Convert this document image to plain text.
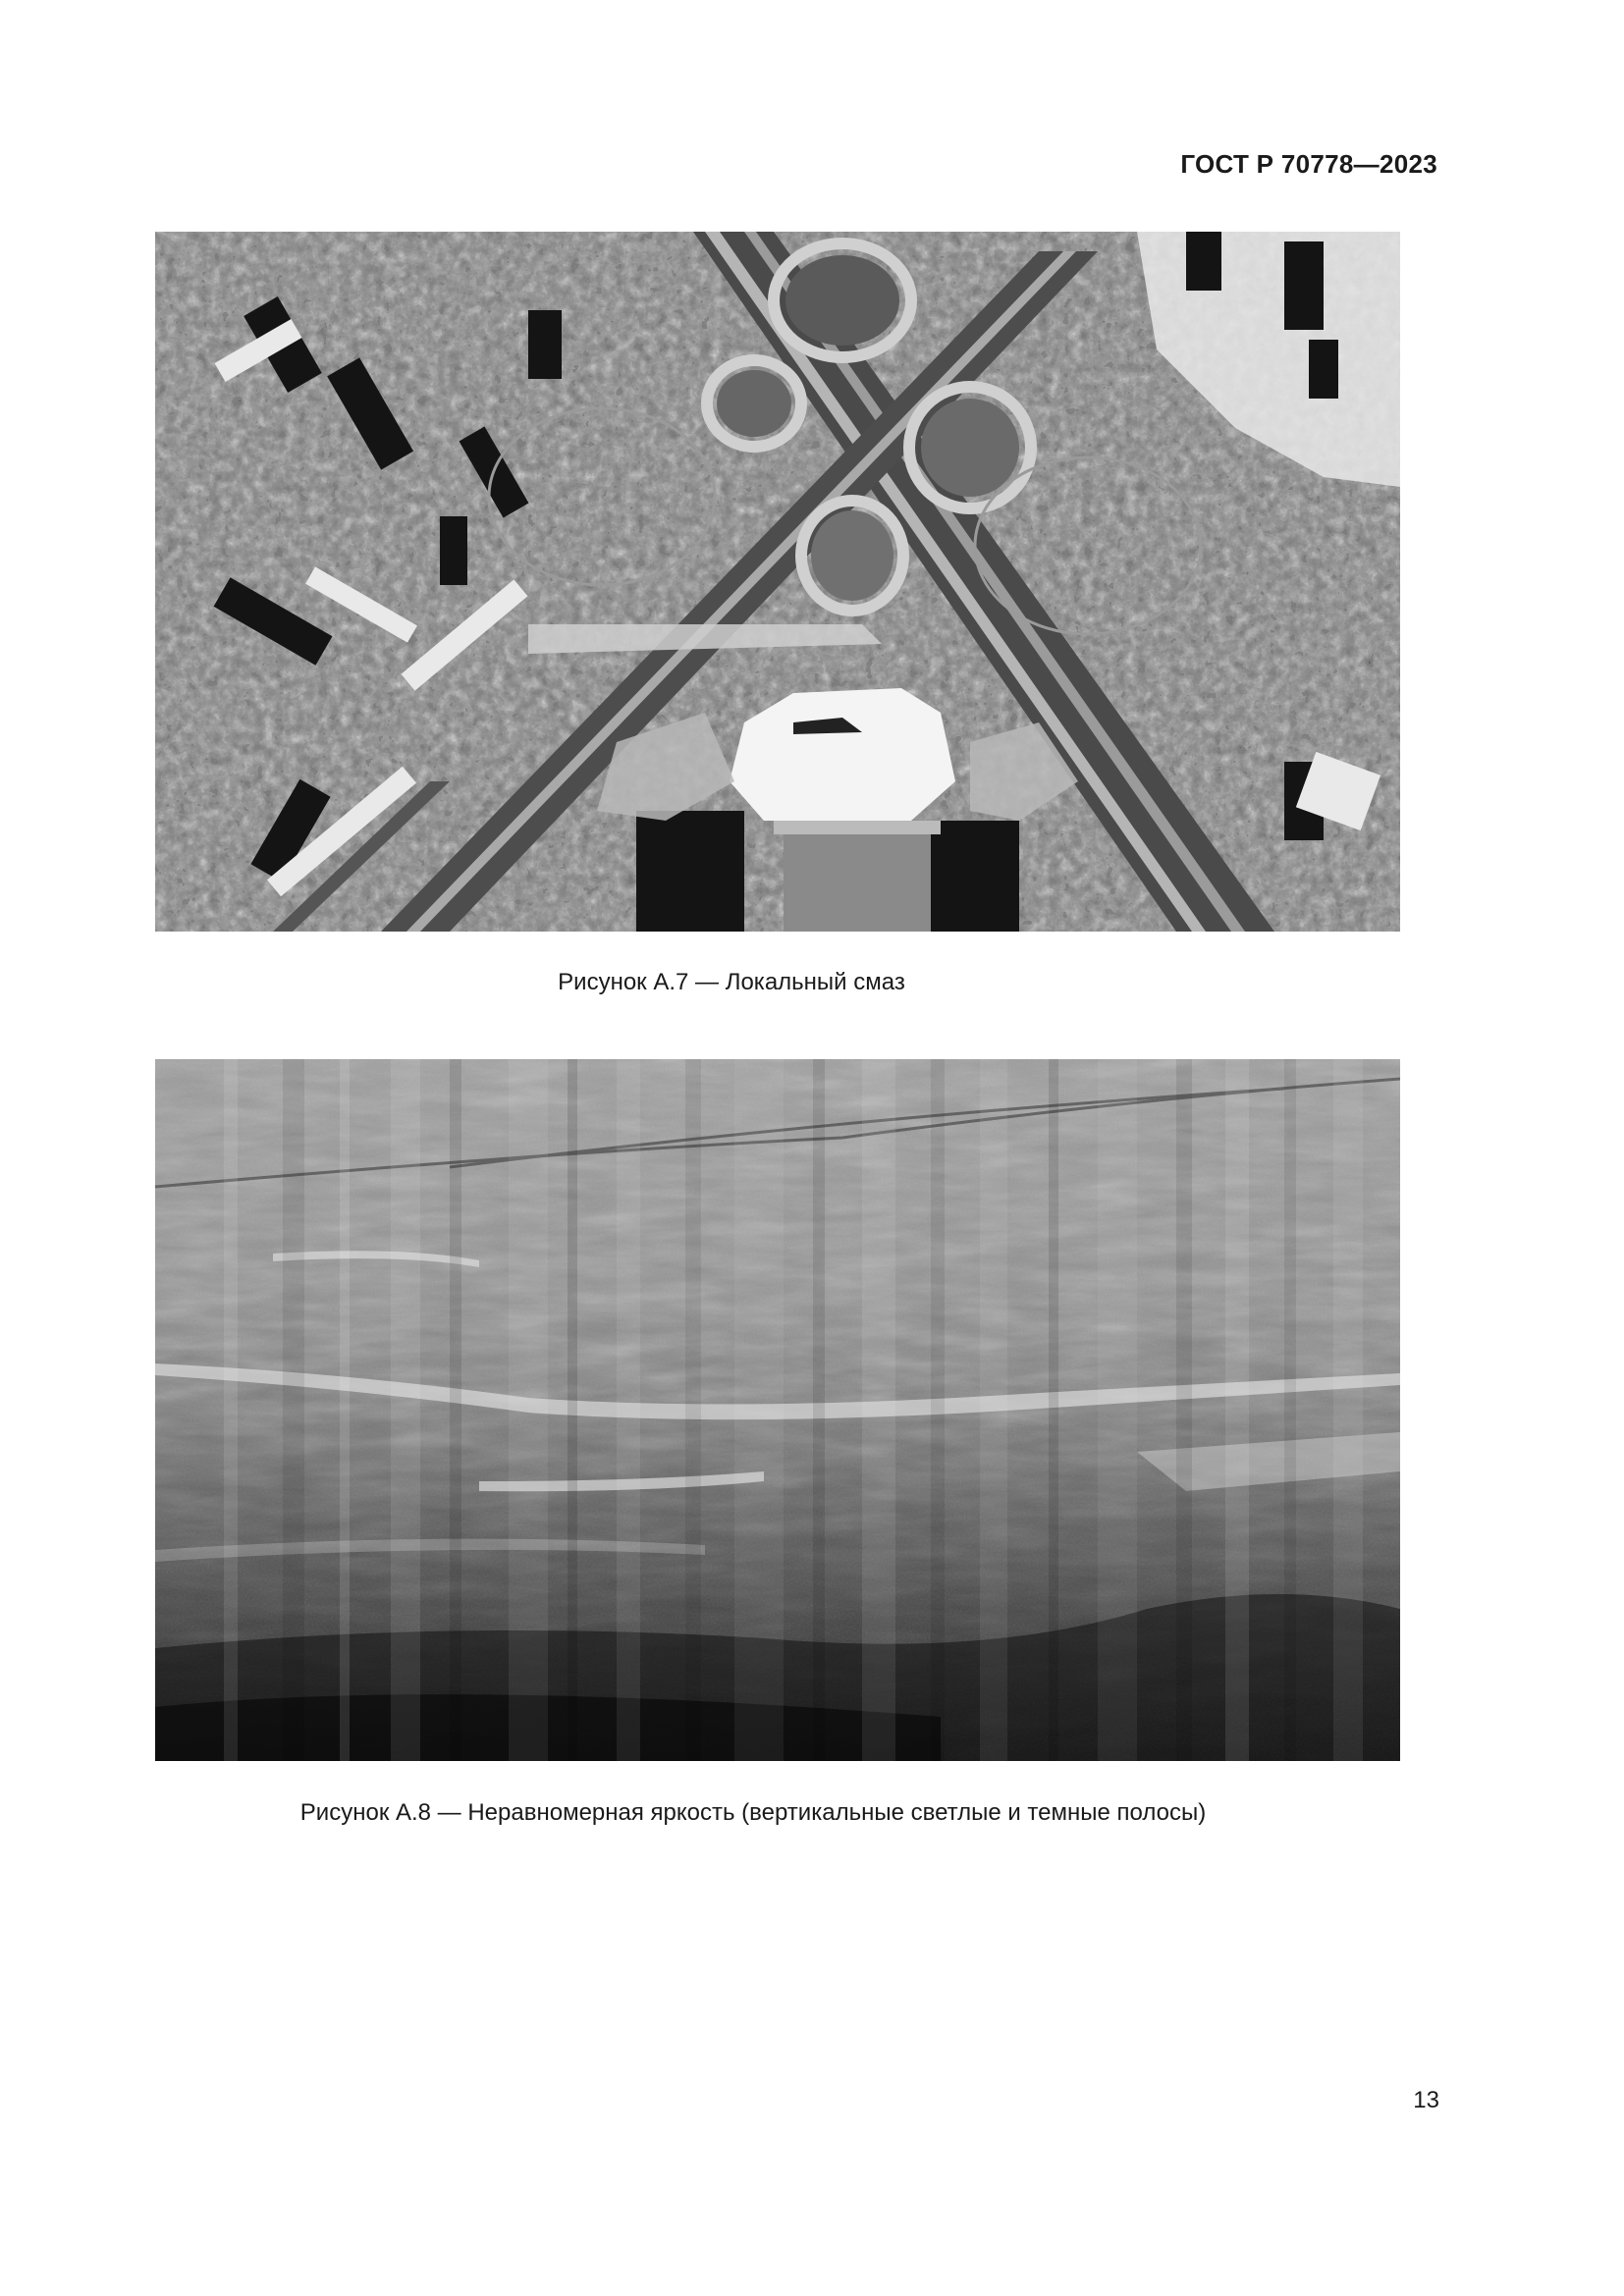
ГОСТ Р 70778—2023
Рисунок А.7 — Локальный смаз
Рисунок А.8 — Неравномерная яркость (вертикальные светлые и темные полосы)
13
